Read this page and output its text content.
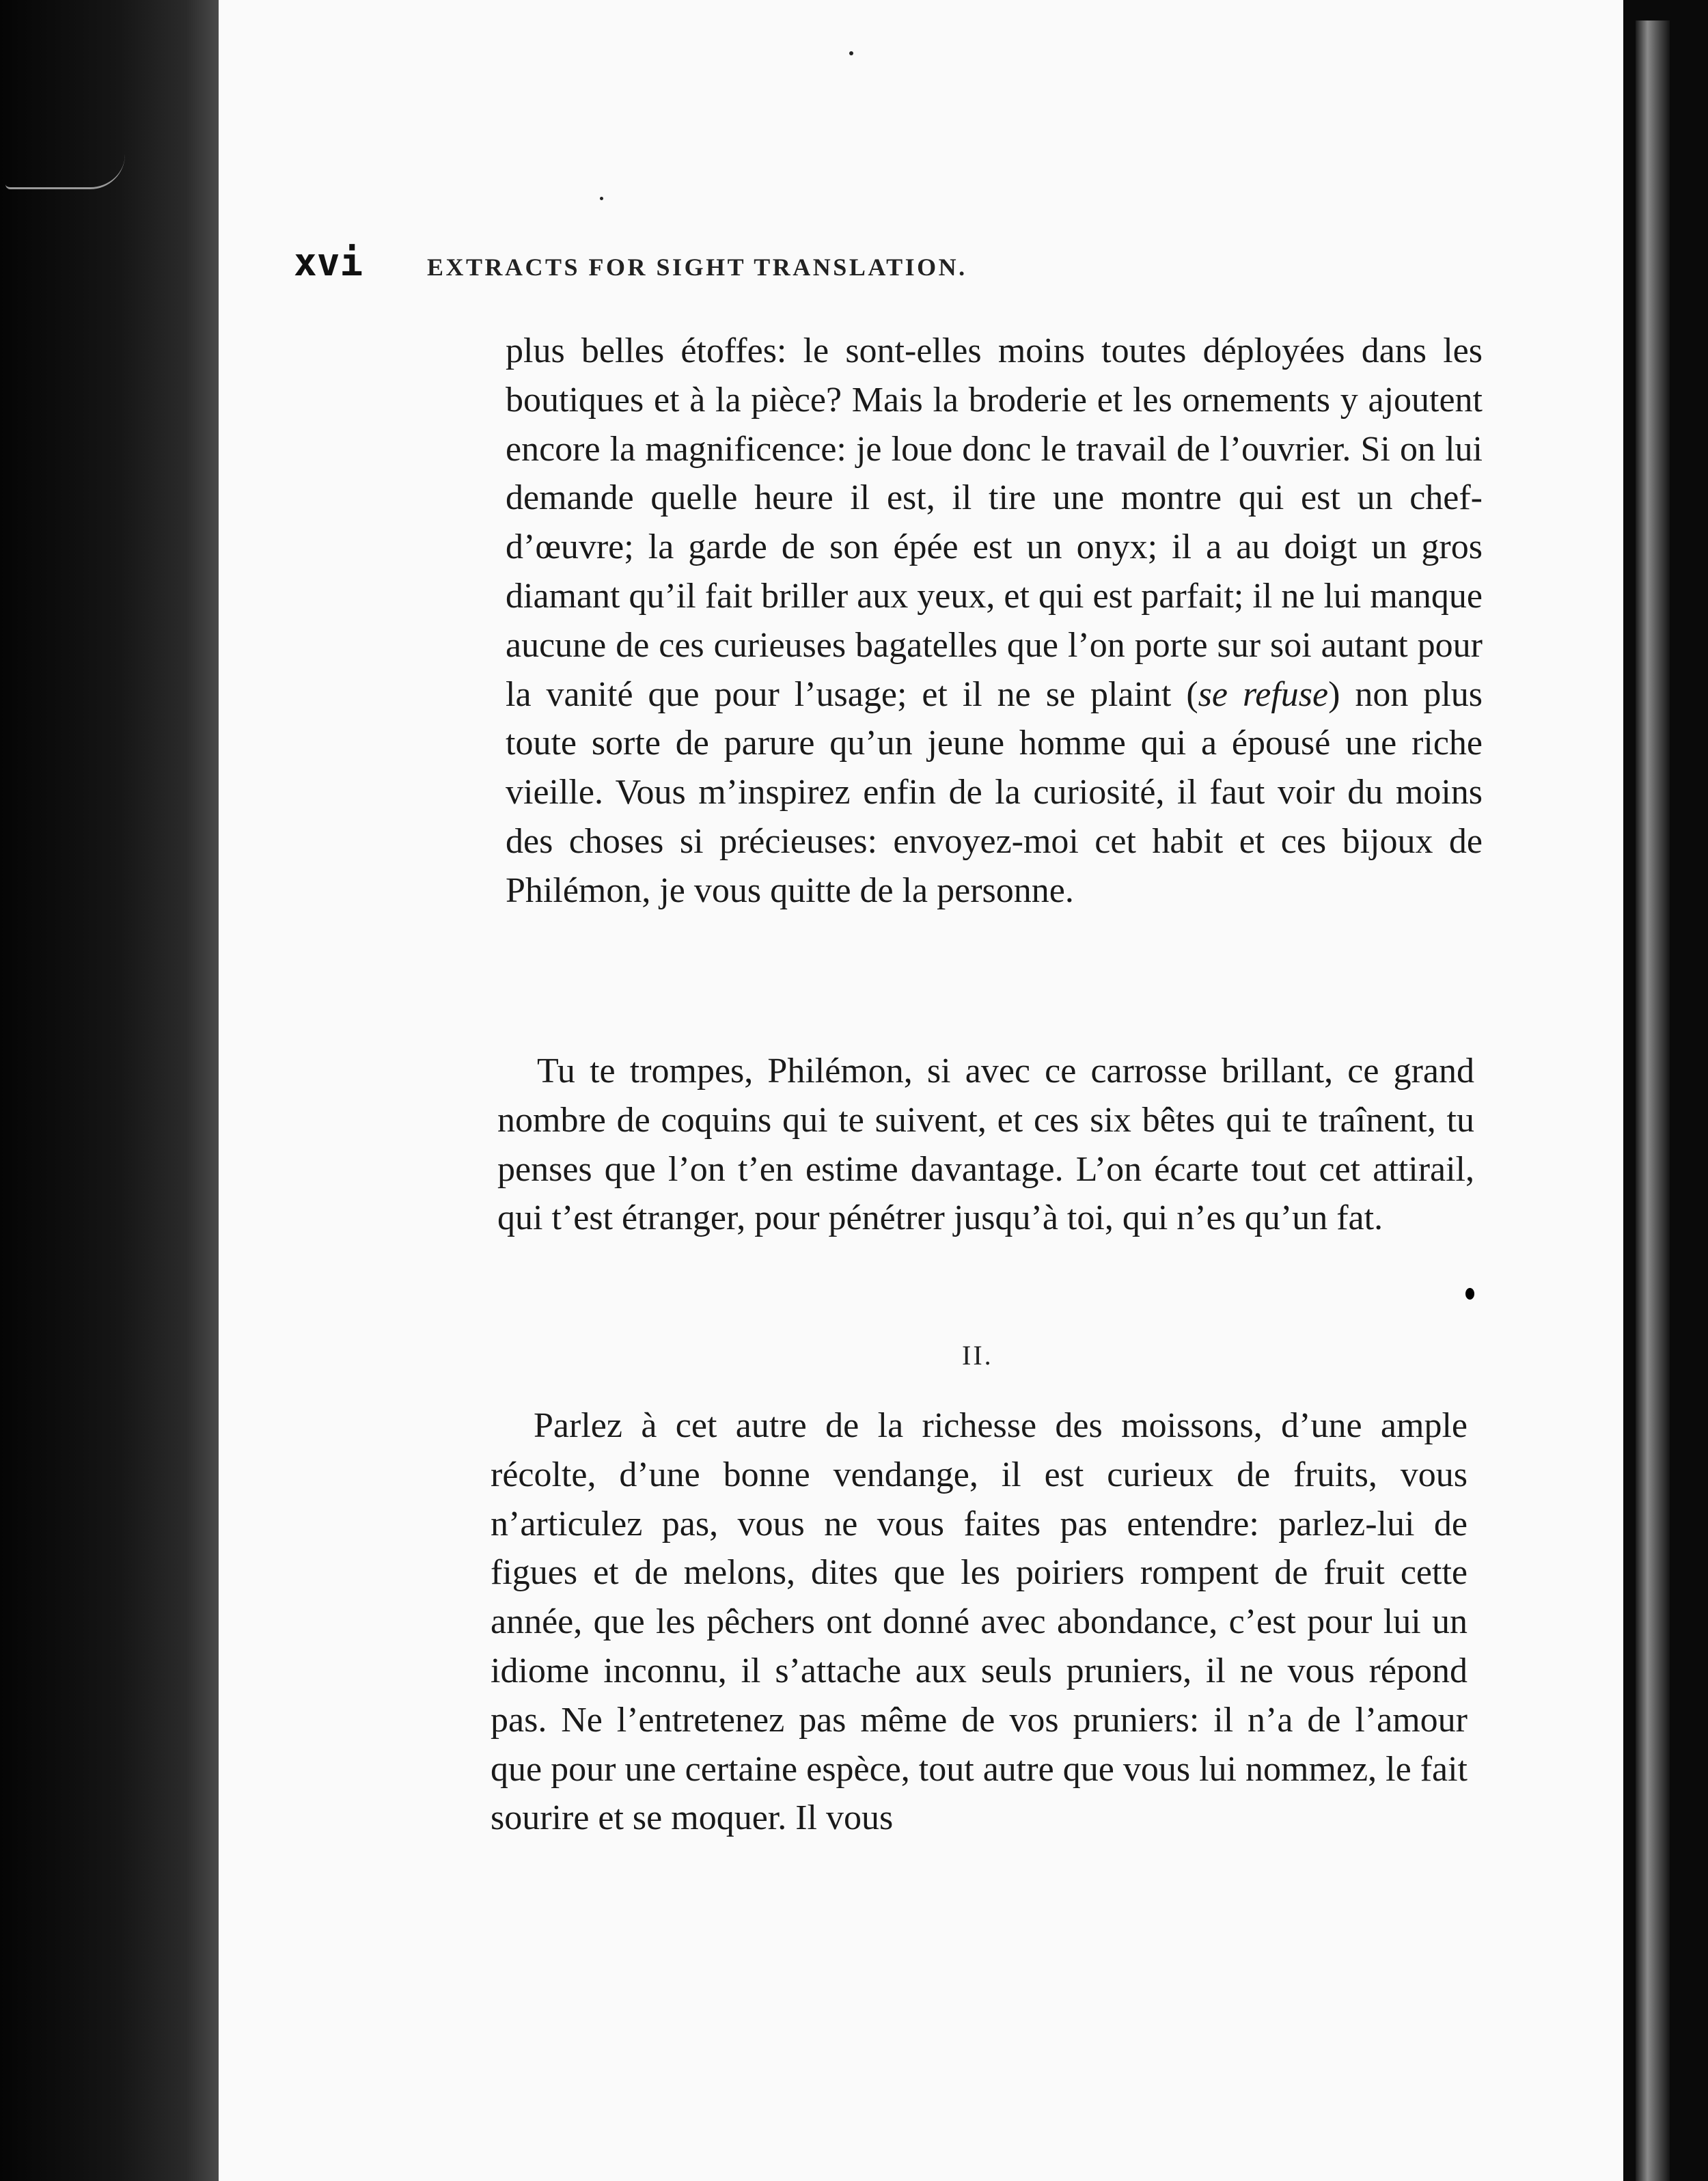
xvi	EXTRACTS FOR SIGHT TRANSLATION.

plus belles étoffes: le sont-elles moins toutes déployées dans les boutiques et à la pièce? Mais la broderie et les ornements y ajoutent encore la magnificence: je loue donc le travail de l’ouvrier. Si on lui demande quelle heure il est, il tire une montre qui est un chef-d’œuvre; la garde de son épée est un onyx; il a au doigt un gros diamant qu’il fait briller aux yeux, et qui est parfait; il ne lui manque aucune de ces curieuses bagatelles que l’on porte sur soi autant pour la vanité que pour l’usage; et il ne se plaint (se refuse) non plus toute sorte de parure qu’un jeune homme qui a épousé une riche vieille. Vous m’inspirez enfin de la curiosité, il faut voir du moins des choses si précieuses: envoyez-moi cet habit et ces bijoux de Philémon, je vous quitte de la personne.

Tu te trompes, Philémon, si avec ce carrosse brillant, ce grand nombre de coquins qui te suivent, et ces six bêtes qui te traînent, tu penses que l’on t’en estime davantage. L’on écarte tout cet attirail, qui t’est étranger, pour pénétrer jusqu’à toi, qui n’es qu’un fat.

II.

Parlez à cet autre de la richesse des moissons, d’une ample récolte, d’une bonne vendange, il est curieux de fruits, vous n’articulez pas, vous ne vous faites pas entendre: parlez-lui de figues et de melons, dites que les poiriers rompent de fruit cette année, que les pêchers ont donné avec abondance, c’est pour lui un idiome inconnu, il s’attache aux seuls pruniers, il ne vous répond pas. Ne l’entretenez pas même de vos pruniers: il n’a de l’amour que pour une certaine espèce, tout autre que vous lui nommez, le fait sourire et se moquer. Il vous
